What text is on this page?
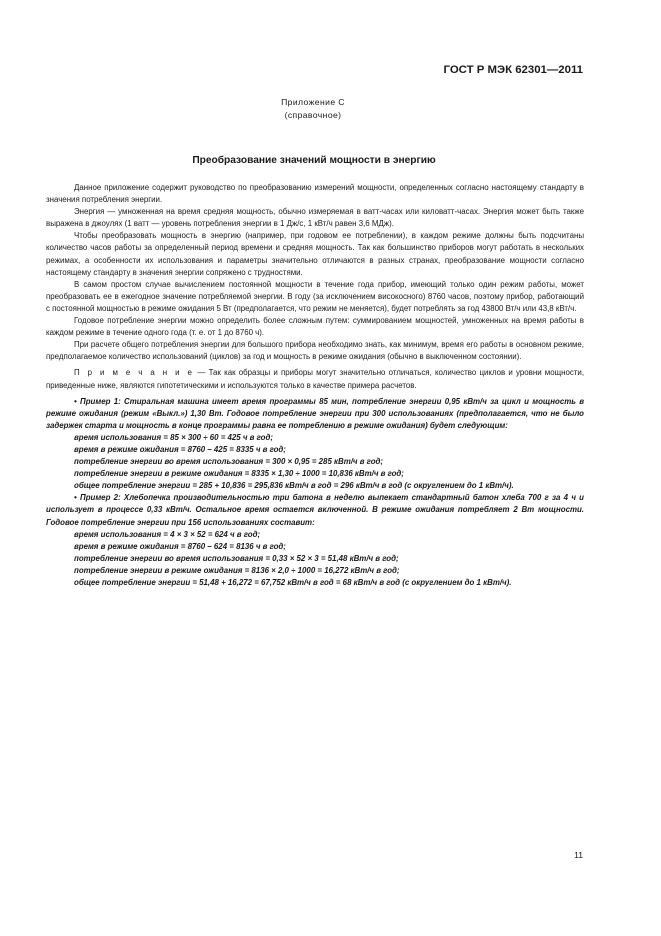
ГОСТ Р МЭК 62301—2011
Приложение С
(справочное)
Преобразование значений мощности в энергию

Данное приложение содержит руководство по преобразованию измерений мощности, определенных согласно настоящему стандарту в значения потребления энергии.

Энергия — умноженная на время средняя мощность, обычно измеряемая в ватт-часах или киловатт-часах. Энергия может быть также выражена в джоулях (1 ватт — уровень потребления энергии в 1 Дж/с, 1 кВт/ч равен 3,6 МДж).

Чтобы преобразовать мощность в энергию (например, при годовом ее потреблении), в каждом режиме должны быть подсчитаны количество часов работы за определенный период времени и средняя мощность. Так как большинство приборов могут работать в нескольких режимах, а особенности их использования и параметры значительно отличаются в разных странах, преобразование мощности согласно настоящему стандарту в значения энергии сопряжено с трудностями.

В самом простом случае вычислением постоянной мощности в течение года прибор, имеющий только один режим работы, может преобразовать ее в ежегодное значение потребляемой энергии. В году (за исключением високосного) 8760 часов, поэтому прибор, работающий с постоянной мощностью в режиме ожидания 5 Вт (предполагается, что режим не меняется), будет потреблять за год 43800 Вт/ч или 43,8 кВт/ч.

Годовое потребление энергии можно определить более сложным путем: суммированием мощностей, умноженных на время работы в каждом режиме в течение одного года (т. е. от 1 до 8760 ч).

При расчете общего потребления энергии для большого прибора необходимо знать, как минимум, время его работы в основном режиме, предполагаемое количество использований (циклов) за год и мощность в режиме ожидания (обычно в выключенном состоянии).

П р и м е ч а н и е — Так как образцы и приборы могут значительно отличаться, количество циклов и уровни мощности, приведенные ниже, являются гипотетическими и используются только в качестве примера расчетов.

• Пример 1: Стиральная машина имеет время программы 85 мин, потребление энергии 0,95 кВт/ч за цикл и мощность в режиме ожидания (режим «Выкл.») 1,30 Вт. Годовое потребление энергии при 300 использованиях (предполагается, что не было задержек старта и мощность в конце программы равна ее потреблению в режиме ожидания) будет следующим:

время использования = 85 × 300 ÷ 60 = 425 ч в год;

время в режиме ожидания = 8760 – 425 = 8335 ч в год;

потребление энергии во время использования = 300 × 0,95 = 285 кВт/ч в год;

потребление энергии в режиме ожидания = 8335 × 1,30 ÷ 1000 = 10,836 кВт/ч в год;

общее потребление энергии = 285 + 10,836 = 295,836 кВт/ч в год = 296 кВт/ч в год (с округлением до 1 кВт/ч).

• Пример 2: Хлебопечка производительностью три батона в неделю выпекает стандартный батон хлеба 700 г за 4 ч и использует в процессе 0,33 кВт/ч. Остальное время остается включенной. В режиме ожидания потребляет 2 Вт мощности. Годовое потребление энергии при 156 использованиях составит:

время использования = 4 × 3 × 52 = 624 ч в год;

время в режиме ожидания = 8760 – 624 = 8136 ч в год;

потребление энергии во время использования = 0,33 × 52 × 3 = 51,48 кВт/ч в год;

потребление энергии в режиме ожидания = 8136 × 2,0 ÷ 1000 = 16,272 кВт/ч в год;

общее потребление энергии = 51,48 + 16,272 = 67,752 кВт/ч в год = 68 кВт/ч в год (с округлением до 1 кВт/ч).

11
